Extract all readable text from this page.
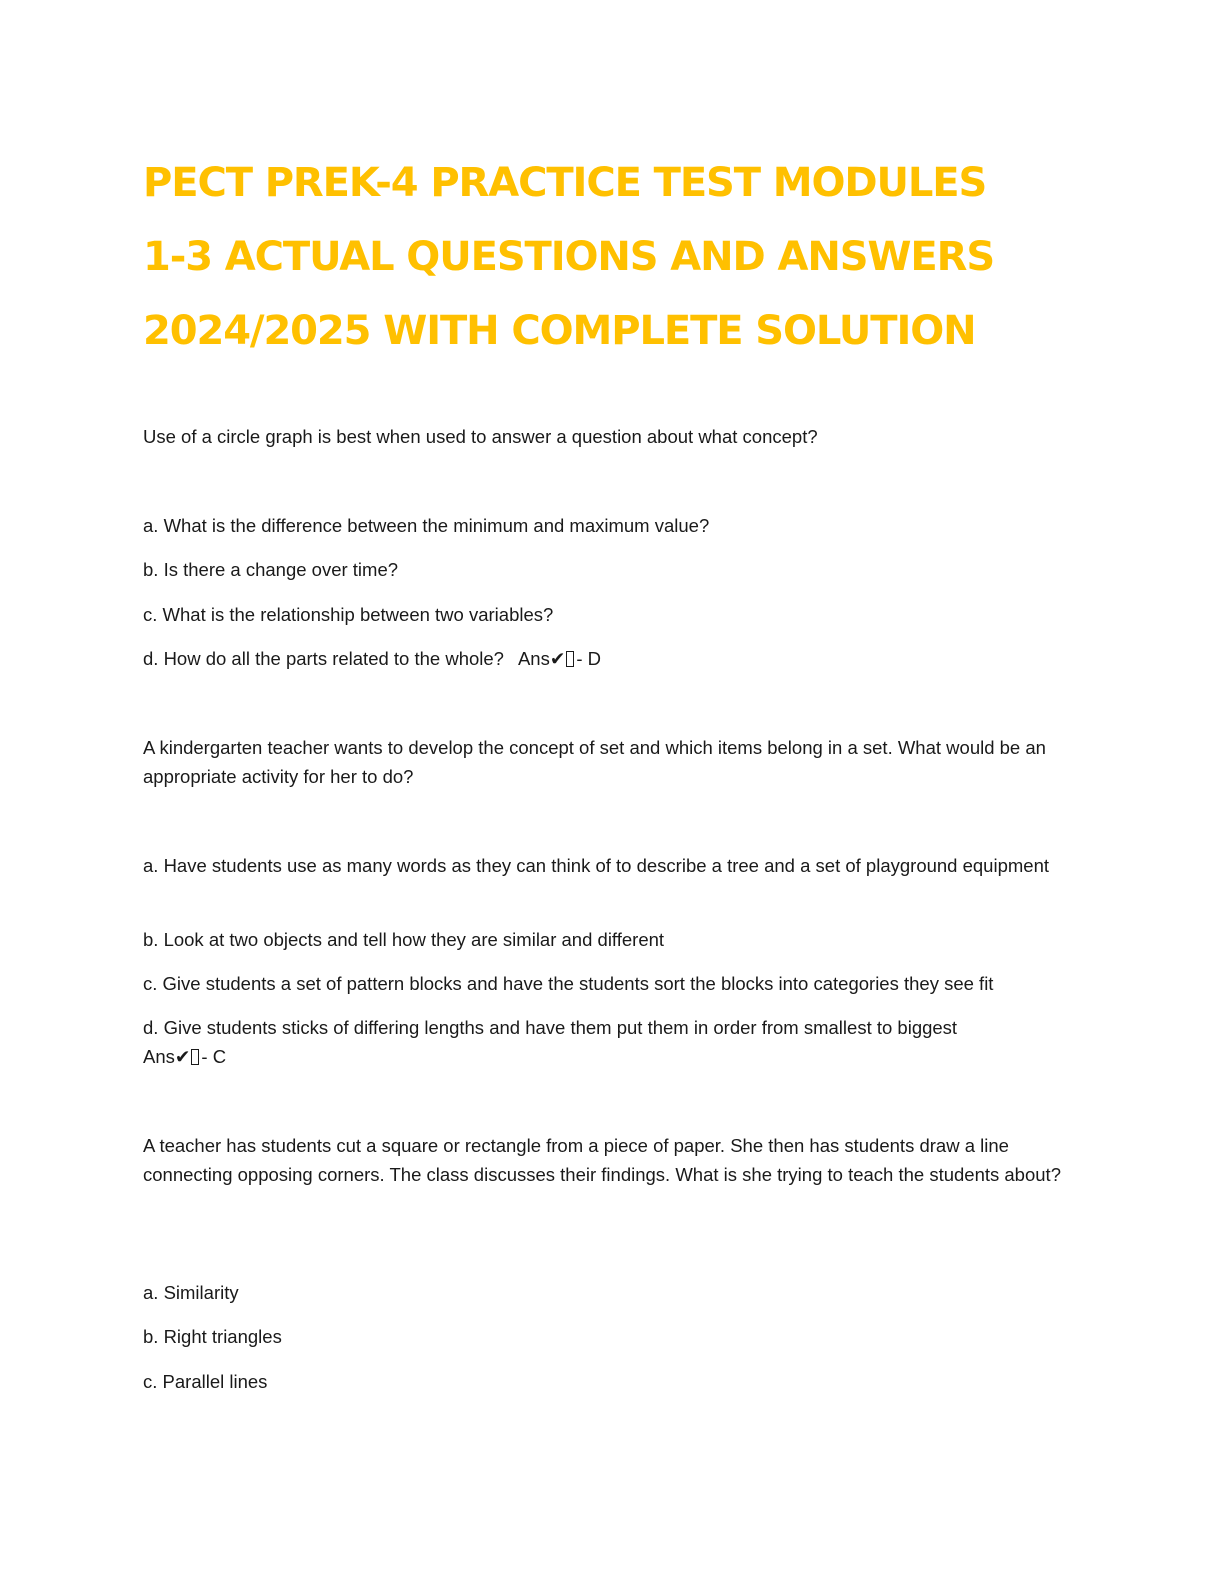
PECT PREK-4 PRACTICE TEST MODULES
1-3 ACTUAL QUESTIONS AND ANSWERS
2024/2025 WITH COMPLETE SOLUTION

Use of a circle graph is best when used to answer a question about what concept?

a. What is the difference between the minimum and maximum value?

b. Is there a change over time?

c. What is the relationship between two variables?

d. How do all the parts related to the whole? Ans✔ - D

A kindergarten teacher wants to develop the concept of set and which items belong in a set. What would be an appropriate activity for her to do?

a. Have students use as many words as they can think of to describe a tree and a set of playground equipment

b. Look at two objects and tell how they are similar and different

c. Give students a set of pattern blocks and have the students sort the blocks into categories they see fit

d. Give students sticks of differing lengths and have them put them in order from smallest to biggest
Ans✔ - C

A teacher has students cut a square or rectangle from a piece of paper. She then has students draw a line connecting opposing corners. The class discusses their findings. What is she trying to teach the students about?

a. Similarity

b. Right triangles

c. Parallel lines
